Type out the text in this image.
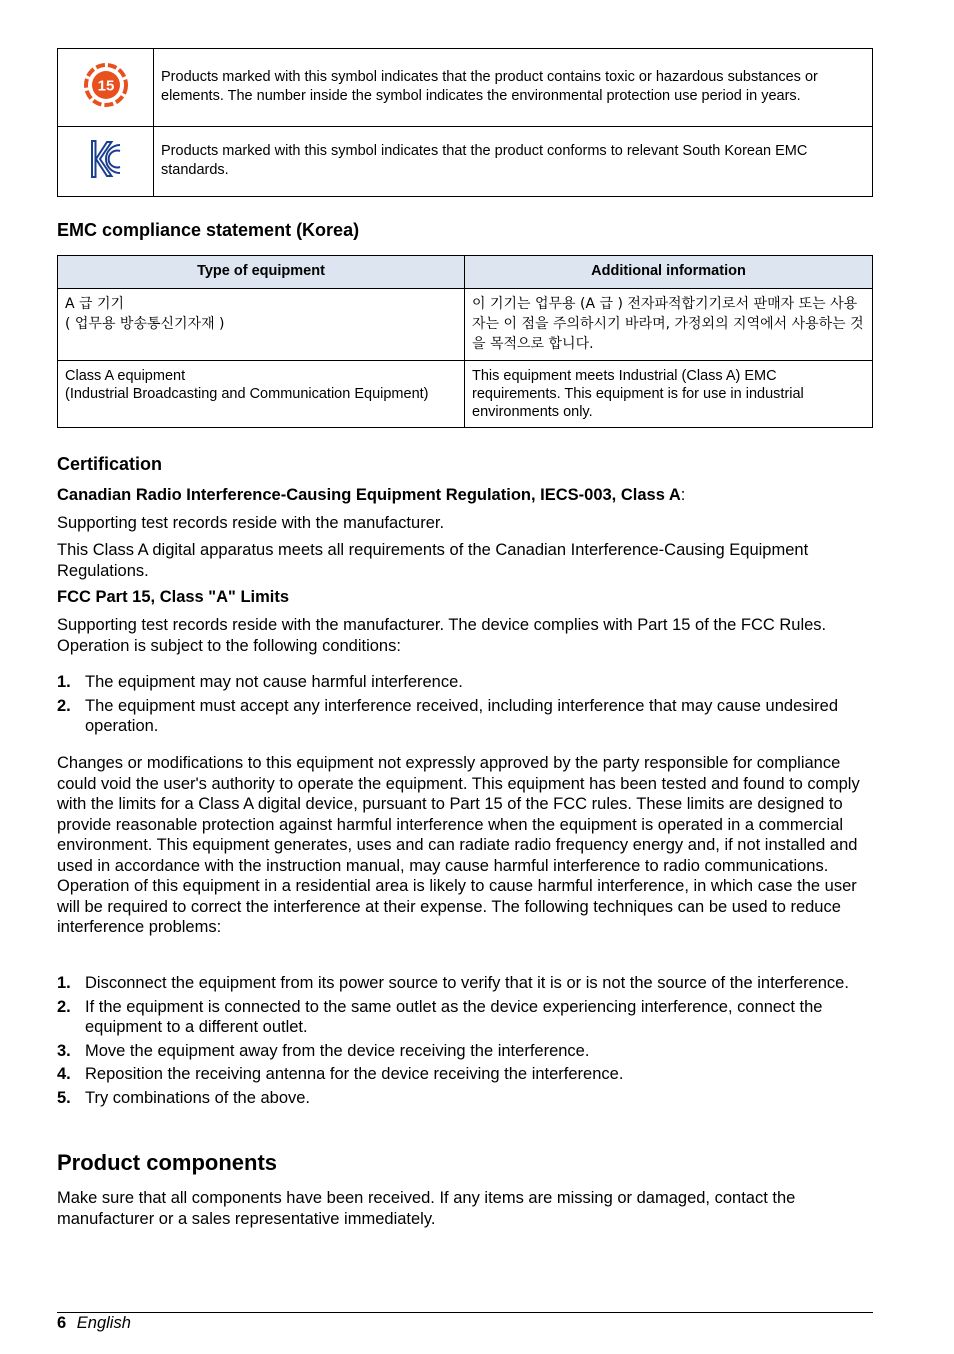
15	Products marked with this symbol indicates that the product contains toxic or hazardous substances or elements. The number inside the symbol indicates the environmental protection use period in years.
	Products marked with this symbol indicates that the product conforms to relevant South Korean EMC standards.
EMC compliance statement (Korea)
Type of equipment	Additional information

A 급 기기
( 업무용 방송통신기자재 )	이 기기는 업무용 (A 급 ) 전자파적합기기로서 판매자 또는 사용자는 이 점을 주의하시기 바라며, 가정외의 지역에서 사용하는 것을 목적으로 합니다.

Class A equipment
(Industrial Broadcasting and Communication Equipment)	This equipment meets Industrial (Class A) EMC requirements. This equipment is for use in industrial environments only.
Certification

Canadian Radio Interference-Causing Equipment Regulation, IECS-003, Class A:

Supporting test records reside with the manufacturer.

This Class A digital apparatus meets all requirements of the Canadian Interference-Causing Equipment Regulations.

FCC Part 15, Class "A" Limits

Supporting test records reside with the manufacturer. The device complies with Part 15 of the FCC Rules. Operation is subject to the following conditions:

1. The equipment may not cause harmful interference.
2. The equipment must accept any interference received, including interference that may cause undesired operation.

Changes or modifications to this equipment not expressly approved by the party responsible for compliance could void the user's authority to operate the equipment. This equipment has been tested and found to comply with the limits for a Class A digital device, pursuant to Part 15 of the FCC rules. These limits are designed to provide reasonable protection against harmful interference when the equipment is operated in a commercial environment. This equipment generates, uses and can radiate radio frequency energy and, if not installed and used in accordance with the instruction manual, may cause harmful interference to radio communications. Operation of this equipment in a residential area is likely to cause harmful interference, in which case the user will be required to correct the interference at their expense. The following techniques can be used to reduce interference problems:

1. Disconnect the equipment from its power source to verify that it is or is not the source of the interference.
2. If the equipment is connected to the same outlet as the device experiencing interference, connect the equipment to a different outlet.
3. Move the equipment away from the device receiving the interference.
4. Reposition the receiving antenna for the device receiving the interference.
5. Try combinations of the above.
Product components

Make sure that all components have been received. If any items are missing or damaged, contact the manufacturer or a sales representative immediately.

6 English
